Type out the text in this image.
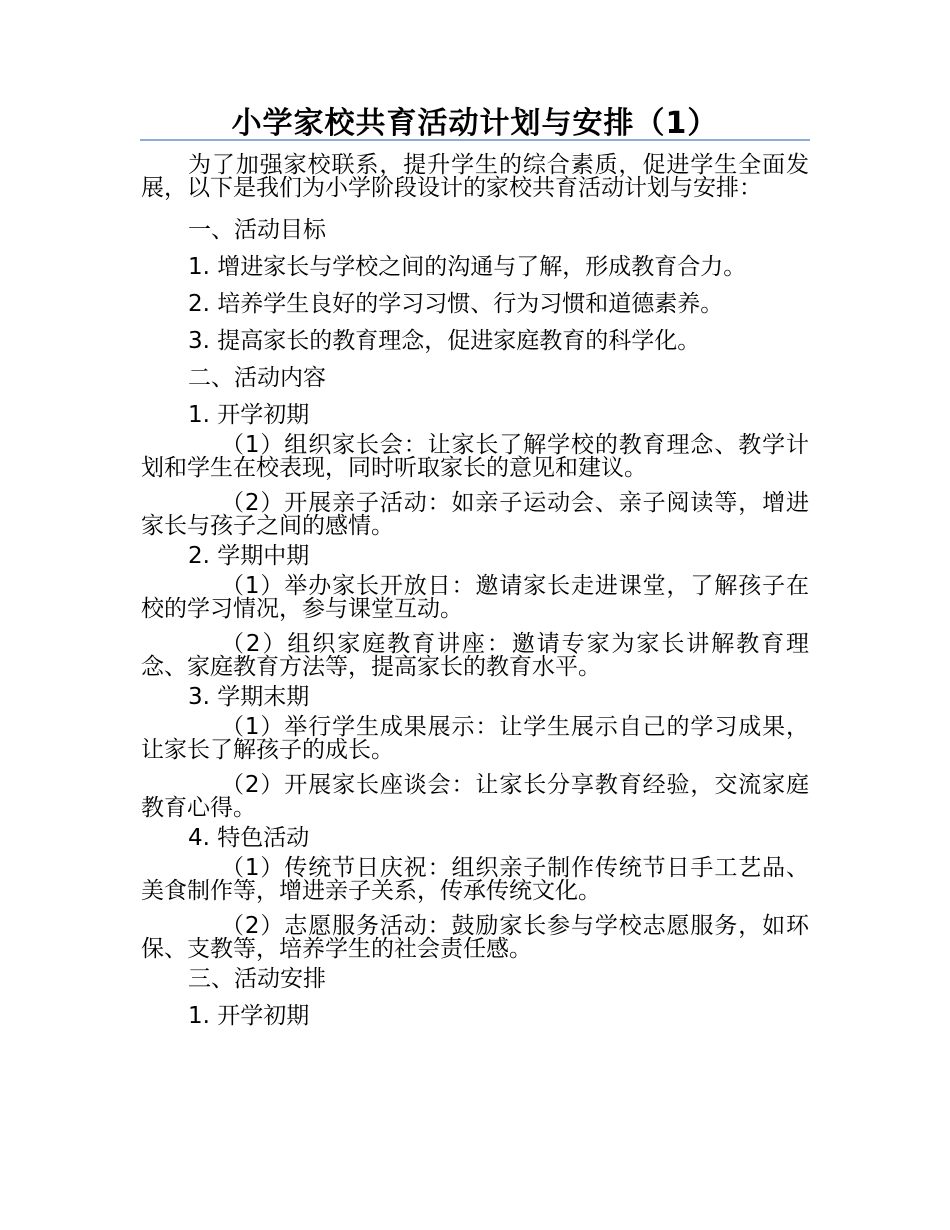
小学家校共育活动计划与安排（1）

为了加强家校联系，提升学生的综合素质，促进学生全面发展，以下是我们为小学阶段设计的家校共育活动计划与安排：

一、活动目标
1. 增进家长与学校之间的沟通与了解，形成教育合力。
2. 培养学生良好的学习习惯、行为习惯和道德素养。
3. 提高家长的教育理念，促进家庭教育的科学化。
二、活动内容
1. 开学初期

（1）组织家长会：让家长了解学校的教育理念、教学计划和学生在校表现，同时听取家长的意见和建议。

（2）开展亲子活动：如亲子运动会、亲子阅读等，增进家长与孩子之间的感情。

2. 学期中期

（1）举办家长开放日：邀请家长走进课堂，了解孩子在校的学习情况，参与课堂互动。

（2）组织家庭教育讲座：邀请专家为家长讲解教育理念、家庭教育方法等，提高家长的教育水平。

3. 学期末期

（1）举行学生成果展示：让学生展示自己的学习成果，让家长了解孩子的成长。

（2）开展家长座谈会：让家长分享教育经验，交流家庭教育心得。

4. 特色活动

（1）传统节日庆祝：组织亲子制作传统节日手工艺品、美食制作等，增进亲子关系，传承传统文化。

（2）志愿服务活动：鼓励家长参与学校志愿服务，如环保、支教等，培养学生的社会责任感。

三、活动安排
1. 开学初期
